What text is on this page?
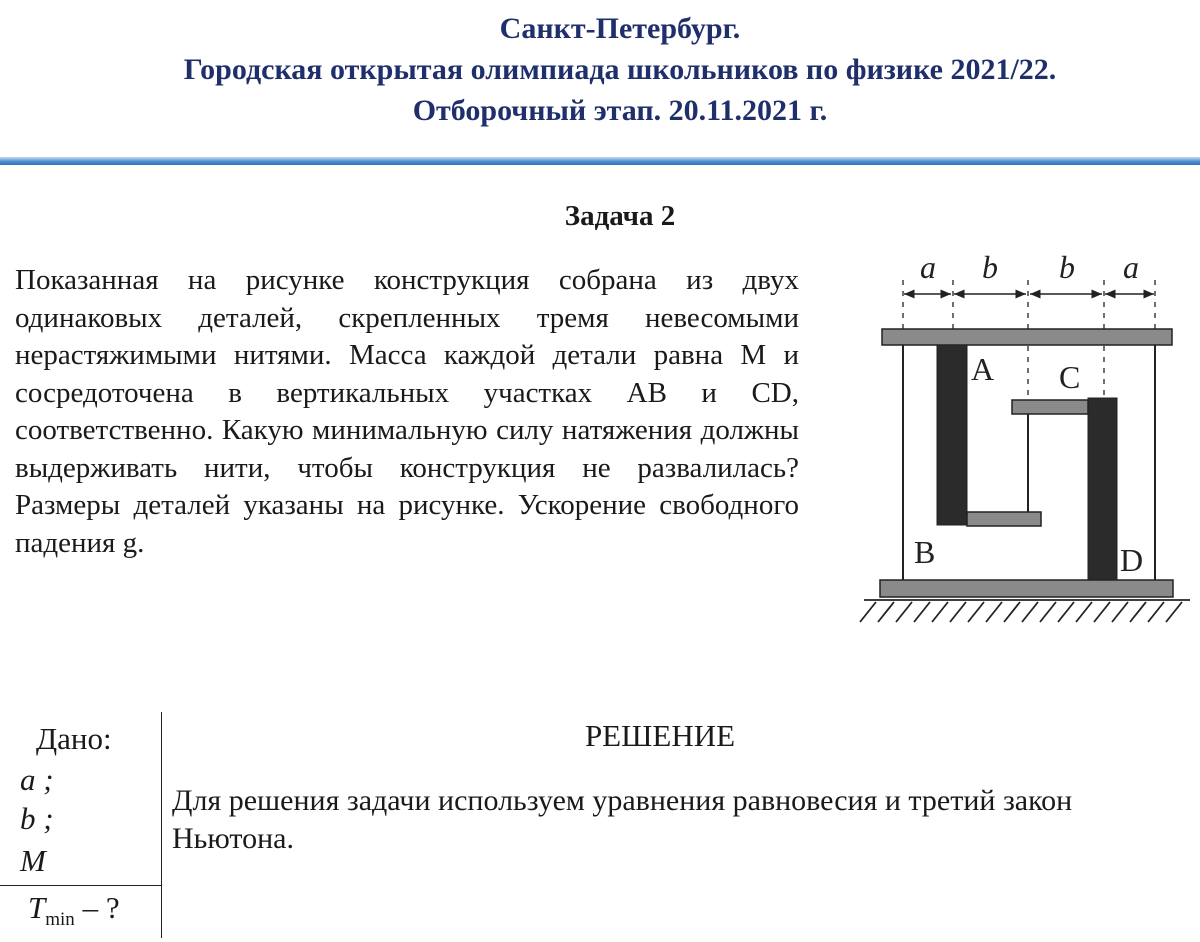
Санкт-Петербург.
Городская открытая олимпиада школьников по физике 2021/22.
Отборочный этап. 20.11.2021 г.
Задача 2
Показанная на рисунке конструкция собрана из двух одинаковых деталей, скрепленных тремя невесомыми нерастяжимыми нитями. Масса каждой детали равна M и сосредоточена в вертикальных участках AB и CD, соответственно. Какую минимальную силу натяжения должны выдерживать нити, чтобы конструкция не развалилась? Размеры деталей указаны на рисунке. Ускорение свободного падения g.
a b b a
A C
B	D
Дано:
a ;
b ;
M
$T_{min}$ – ?
РЕШЕНИЕ
Для решения задачи используем уравнения равновесия и третий закон Ньютона.
